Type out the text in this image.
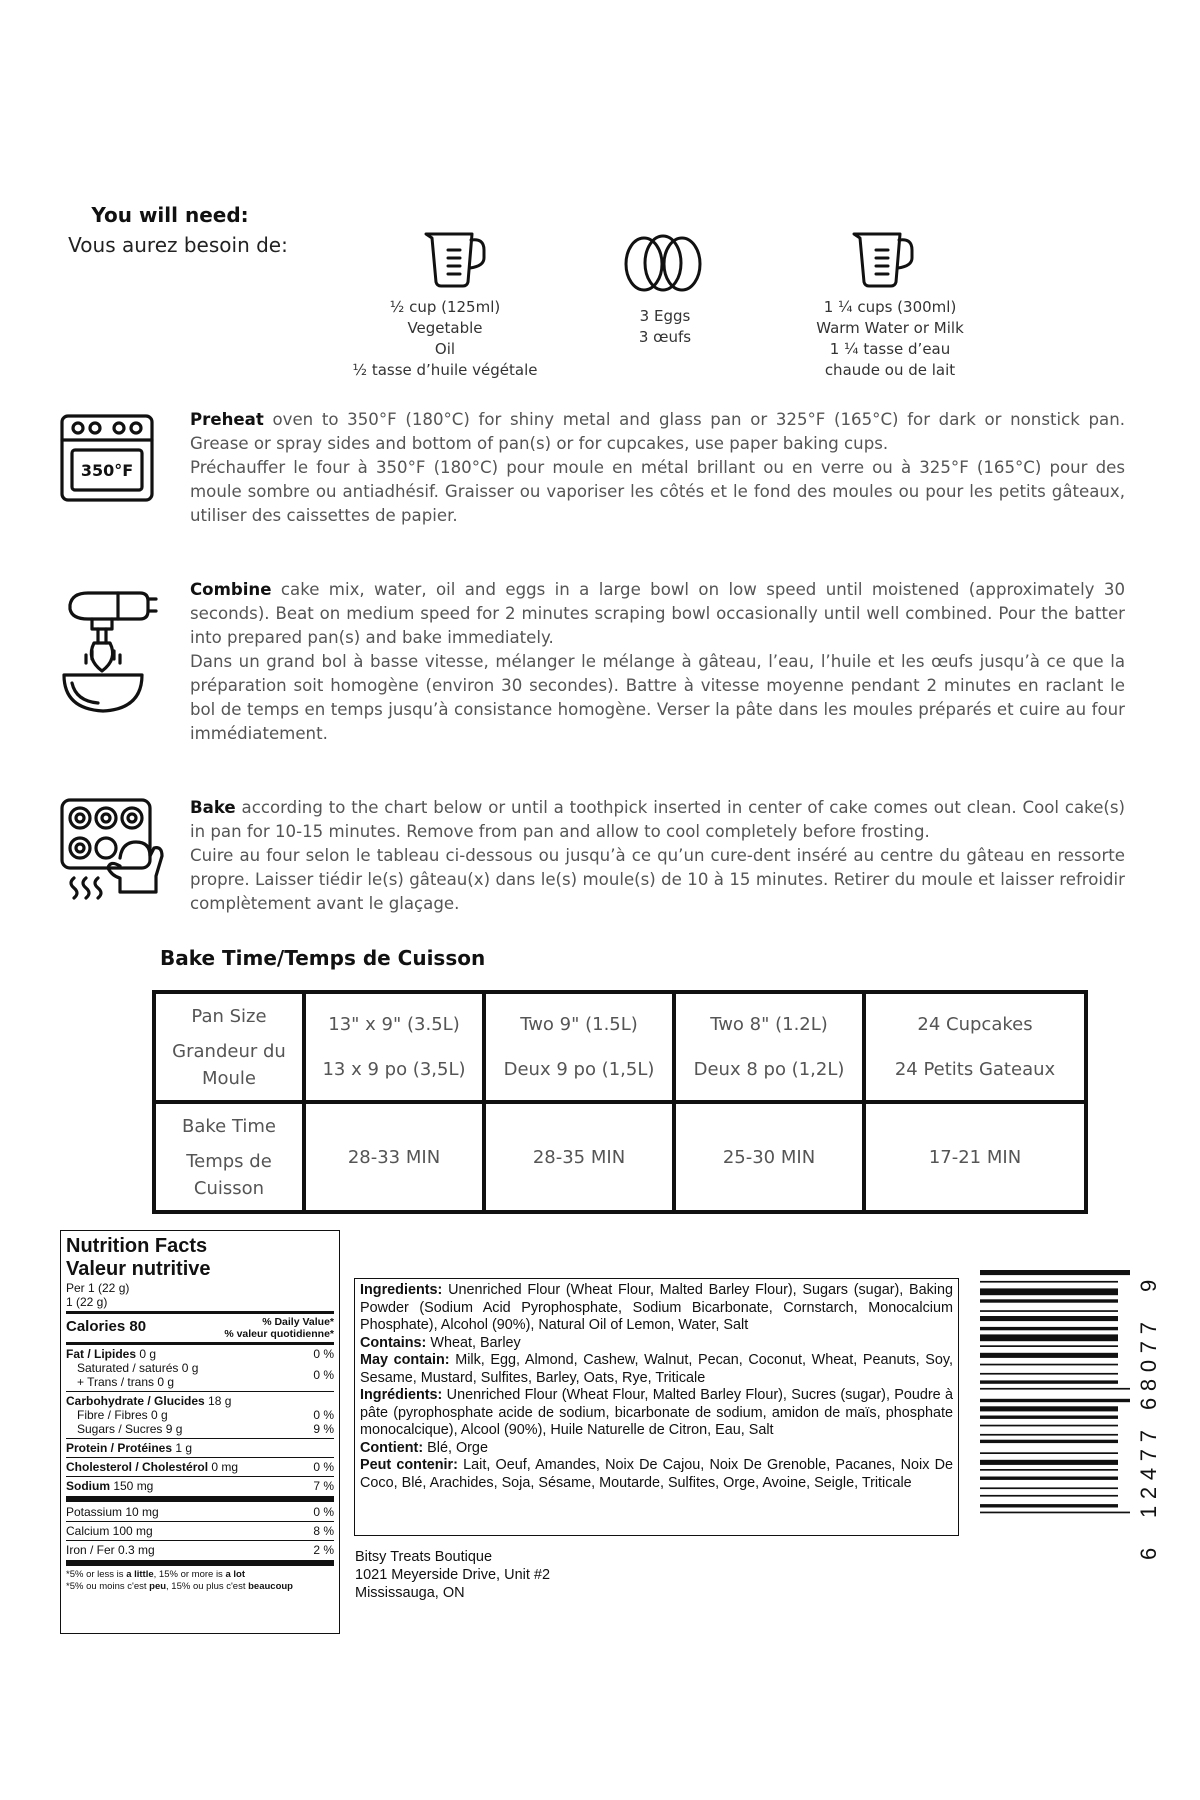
You will need:
Vous aurez besoin de:
½ cup (125ml) Vegetable
Oil
½ tasse d’huile végétale
3 Eggs
3 œufs
1 ¼ cups (300ml)
Warm Water or Milk
1 ¼ tasse d’eau
chaude ou de lait
350°F
Preheat oven to 350°F (180°C) for shiny metal and glass pan or 325°F (165°C) for dark or nonstick pan. Grease or spray sides and bottom of pan(s) or for cupcakes, use paper baking cups.
Préchauffer le four à 350°F (180°C) pour moule en métal brillant ou en verre ou à 325°F (165°C) pour des moule sombre ou antiadhésif. Graisser ou vaporiser les côtés et le fond des moules ou pour les petits gâteaux, utiliser des caissettes de papier.
Combine cake mix, water, oil and eggs in a large bowl on low speed until moistened (approximately 30 seconds). Beat on medium speed for 2 minutes scraping bowl occasionally until well combined. Pour the batter into prepared pan(s) and bake immediately.
Dans un grand bol à basse vitesse, mélanger le mélange à gâteau, l’eau, l’huile et les œufs jusqu’à ce que la préparation soit homogène (environ 30 secondes). Battre à vitesse moyenne pendant 2 minutes en raclant le bol de temps en temps jusqu’à consistance homogène. Verser la pâte dans les moules préparés et cuire au four immédiatement.
Bake according to the chart below or until a toothpick inserted in center of cake comes out clean. Cool cake(s) in pan for 10-15 minutes. Remove from pan and allow to cool completely before frosting.
Cuire au four selon le tableau ci-dessous ou jusqu’à ce qu’un cure-dent inséré au centre du gâteau en ressorte propre. Laisser tiédir le(s) gâteau(x) dans le(s) moule(s) de 10 à 15 minutes. Retirer du moule et laisser refroidir complètement avant le glaçage.
Bake Time/Temps de Cuisson
Pan Size
Grandeur du Moule

13" x 9" (3.5L)
13 x 9 po (3,5L)

Two 9" (1.5L)
Deux 9 po (1,5L)

Two 8" (1.2L)
Deux 8 po (1,2L)

24 Cupcakes
24 Petits Gateaux

Bake Time
Temps de Cuisson
	28-33 MIN	28-35 MIN	25-30 MIN	17-21 MIN
Nutrition Facts
Valeur nutritive
Per 1 (22 g)
1 (22 g)
Calories 80	% Daily Value*
% valeur quotidienne*
Fat / Lipides 0 g	0 %
Saturated / saturés 0 g
+ Trans / trans 0 g	0 %
Carbohydrate / Glucides 18 g
Fibre / Fibres 0 g	0 %
Sugars / Sucres 9 g	9 %
Protein / Protéines 1 g
Cholesterol / Cholestérol 0 mg	0 %
Sodium 150 mg	7 %
Potassium 10 mg	0 %
Calcium 100 mg	8 %
Iron / Fer 0.3 mg	2 %
*5% or less is a little, 15% or more is a lot
*5% ou moins c'est peu, 15% ou plus c'est beaucoup
Ingredients: Unenriched Flour (Wheat Flour, Malted Barley Flour), Sugars (sugar), Baking Powder (Sodium Acid Pyrophosphate, Sodium Bicarbonate, Cornstarch, Monocalcium Phosphate), Alcohol (90%), Natural Oil of Lemon, Water, Salt
Contains: Wheat, Barley
May contain: Milk, Egg, Almond, Cashew, Walnut, Pecan, Coconut, Wheat, Peanuts, Soy, Sesame, Mustard, Sulfites, Barley, Oats, Rye, Triticale
Ingrédients: Unenriched Flour (Wheat Flour, Malted Barley Flour), Sucres (sugar), Poudre à pâte (pyrophosphate acide de sodium, bicarbonate de sodium, amidon de maïs, phosphate monocalcique), Alcool (90%), Huile Naturelle de Citron, Eau, Salt
Contient: Blé, Orge
Peut contenir: Lait, Oeuf, Amandes, Noix De Cajou, Noix De Grenoble, Pacanes, Noix De Coco, Blé, Arachides, Soja, Sésame, Moutarde, Sulfites, Orge, Avoine, Seigle, Triticale
Bitsy Treats Boutique
1021 Meyerside Drive, Unit #2
Mississauga, ON
6
12477
68077
9
